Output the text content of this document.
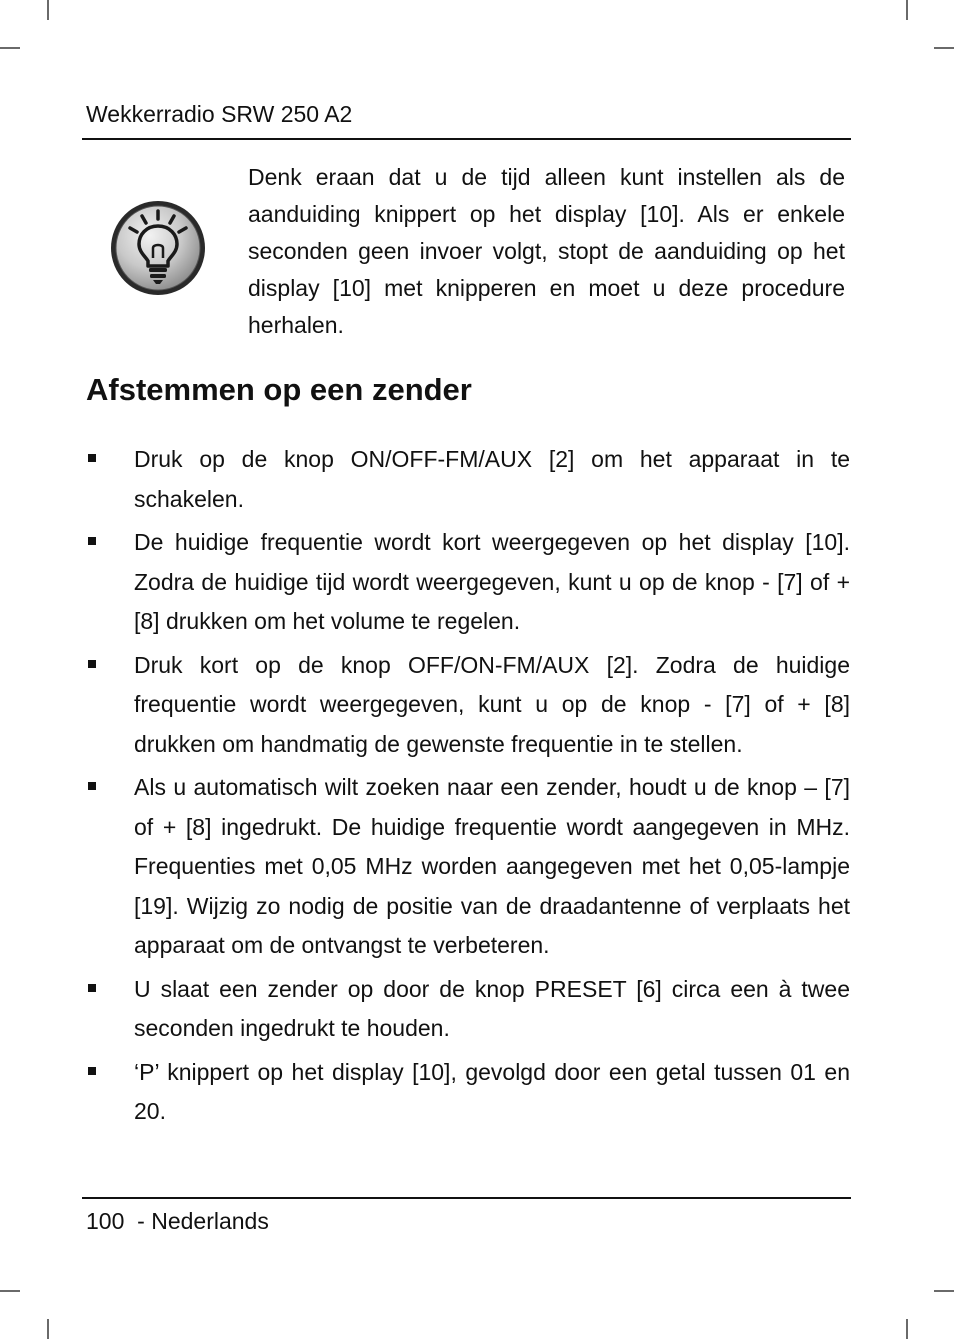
Wekkerradio SRW 250 A2

Denk eraan dat u de tijd alleen kunt instellen als de aanduiding knippert op het display [10]. Als er enkele seconden geen invoer volgt, stopt de aanduiding op het display [10] met knipperen en moet u deze procedure herhalen.

Afstemmen op een zender
Druk op de knop ON/OFF-FM/AUX [2] om het apparaat in te schakelen.
De huidige frequentie wordt kort weergegeven op het display [10]. Zodra de huidige tijd wordt weergegeven, kunt u op de knop - [7] of + [8] drukken om het volume te regelen.
Druk kort op de knop OFF/ON-FM/AUX [2]. Zodra de huidige frequentie wordt weergegeven, kunt u op de knop - [7] of + [8] drukken om handmatig de gewenste frequentie in te stellen.
Als u automatisch wilt zoeken naar een zender, houdt u de knop – [7] of + [8] ingedrukt. De huidige frequentie wordt aangegeven in MHz. Frequenties met 0,05 MHz worden aangegeven met het 0,05-lampje [19]. Wijzig zo nodig de positie van de draadantenne of verplaats het apparaat om de ontvangst te verbeteren.
U slaat een zender op door de knop PRESET [6] circa een à twee seconden ingedrukt te houden.
‘P’ knippert op het display [10], gevolgd door een getal tussen 01 en 20.
100  - Nederlands
